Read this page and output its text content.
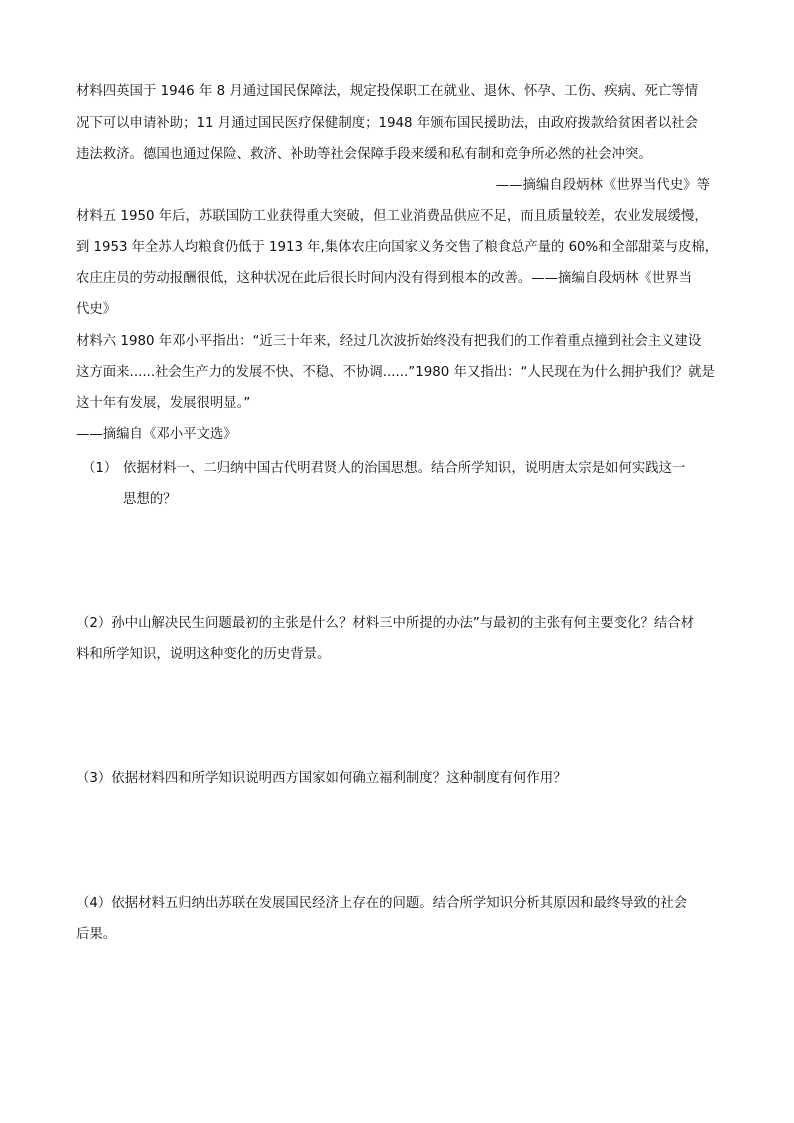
材料四英国于 1946 年 8 月通过国民保障法，规定投保职工在就业、退休、怀孕、工伤、疾病、死亡等情
况下可以申请补助；11 月通过国民医疗保健制度；1948 年颁布国民援助法，由政府拨款给贫困者以社会
违法救济。德国也通过保险、救济、补助等社会保障手段来缓和私有制和竞争所必然的社会冲突。
——摘编自段炳林《世界当代史》等
材料五 1950 年后，苏联国防工业获得重大突破，但工业消费品供应不足，而且质量较差，农业发展缓慢，
到 1953 年全苏人均粮食仍低于 1913 年,集体农庄向国家义务交售了粮食总产量的 60%和全部甜菜与皮棉，
农庄庄员的劳动报酬很低，这种状况在此后很长时间内没有得到根本的改善。——摘编自段炳林《世界当
代史》
材料六 1980 年邓小平指出：“近三十年来，经过几次波折始终没有把我们的工作着重点撞到社会主义建设
这方面来......社会生产力的发展不快、不稳、不协调......”1980 年又指出：“人民现在为什么拥护我们？就是
这十年有发展，发展很明显。”
——摘编自《邓小平文选》
（1） 依据材料一、二归纳中国古代明君贤人的治国思想。结合所学知识，说明唐太宗是如何实践这一
思想的？
（2）孙中山解决民生问题最初的主张是什么？材料三中所提的办法”与最初的主张有何主要变化？结合材
料和所学知识，说明这种变化的历史背景。
（3）依据材料四和所学知识说明西方国家如何确立福利制度？这种制度有何作用？
（4）依据材料五归纳出苏联在发展国民经济上存在的问题。结合所学知识分析其原因和最终导致的社会
后果。
